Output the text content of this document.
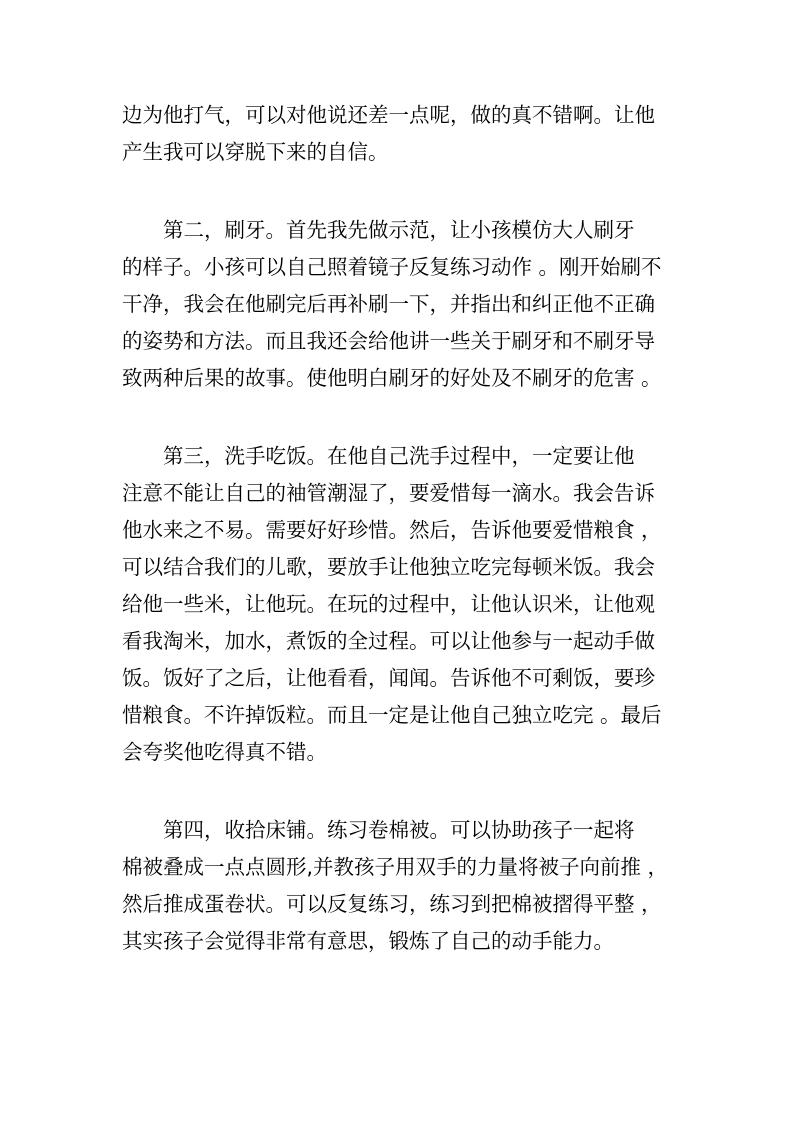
边为他打气，可以对他说还差一点呢，做的真不错啊。让他
产生我可以穿脱下来的自信。
　　第二，刷牙。首先我先做示范，让小孩模仿大人刷牙
的样子。小孩可以自己照着镜子反复练习动作 。刚开始刷不
干净，我会在他刷完后再补刷一下，并指出和纠正他不正确
的姿势和方法。而且我还会给他讲一些关于刷牙和不刷牙导
致两种后果的故事。使他明白刷牙的好处及不刷牙的危害 。
　　第三，洗手吃饭。在他自己洗手过程中，一定要让他
注意不能让自己的袖管潮湿了，要爱惜每一滴水。我会告诉
他水来之不易。需要好好珍惜。然后，告诉他要爱惜粮食 ，
可以结合我们的儿歌，要放手让他独立吃完每顿米饭。我会
给他一些米，让他玩。在玩的过程中，让他认识米，让他观
看我淘米，加水，煮饭的全过程。可以让他参与一起动手做
饭。饭好了之后，让他看看，闻闻。告诉他不可剩饭，要珍
惜粮食。不许掉饭粒。而且一定是让他自己独立吃完 。最后
会夸奖他吃得真不错。
　　第四，收拾床铺。练习卷棉被。可以协助孩子一起将
棉被叠成一点点圆形,并教孩子用双手的力量将被子向前推 ，
然后推成蛋卷状。可以反复练习，练习到把棉被摺得平整 ，
其实孩子会觉得非常有意思，锻炼了自己的动手能力。
